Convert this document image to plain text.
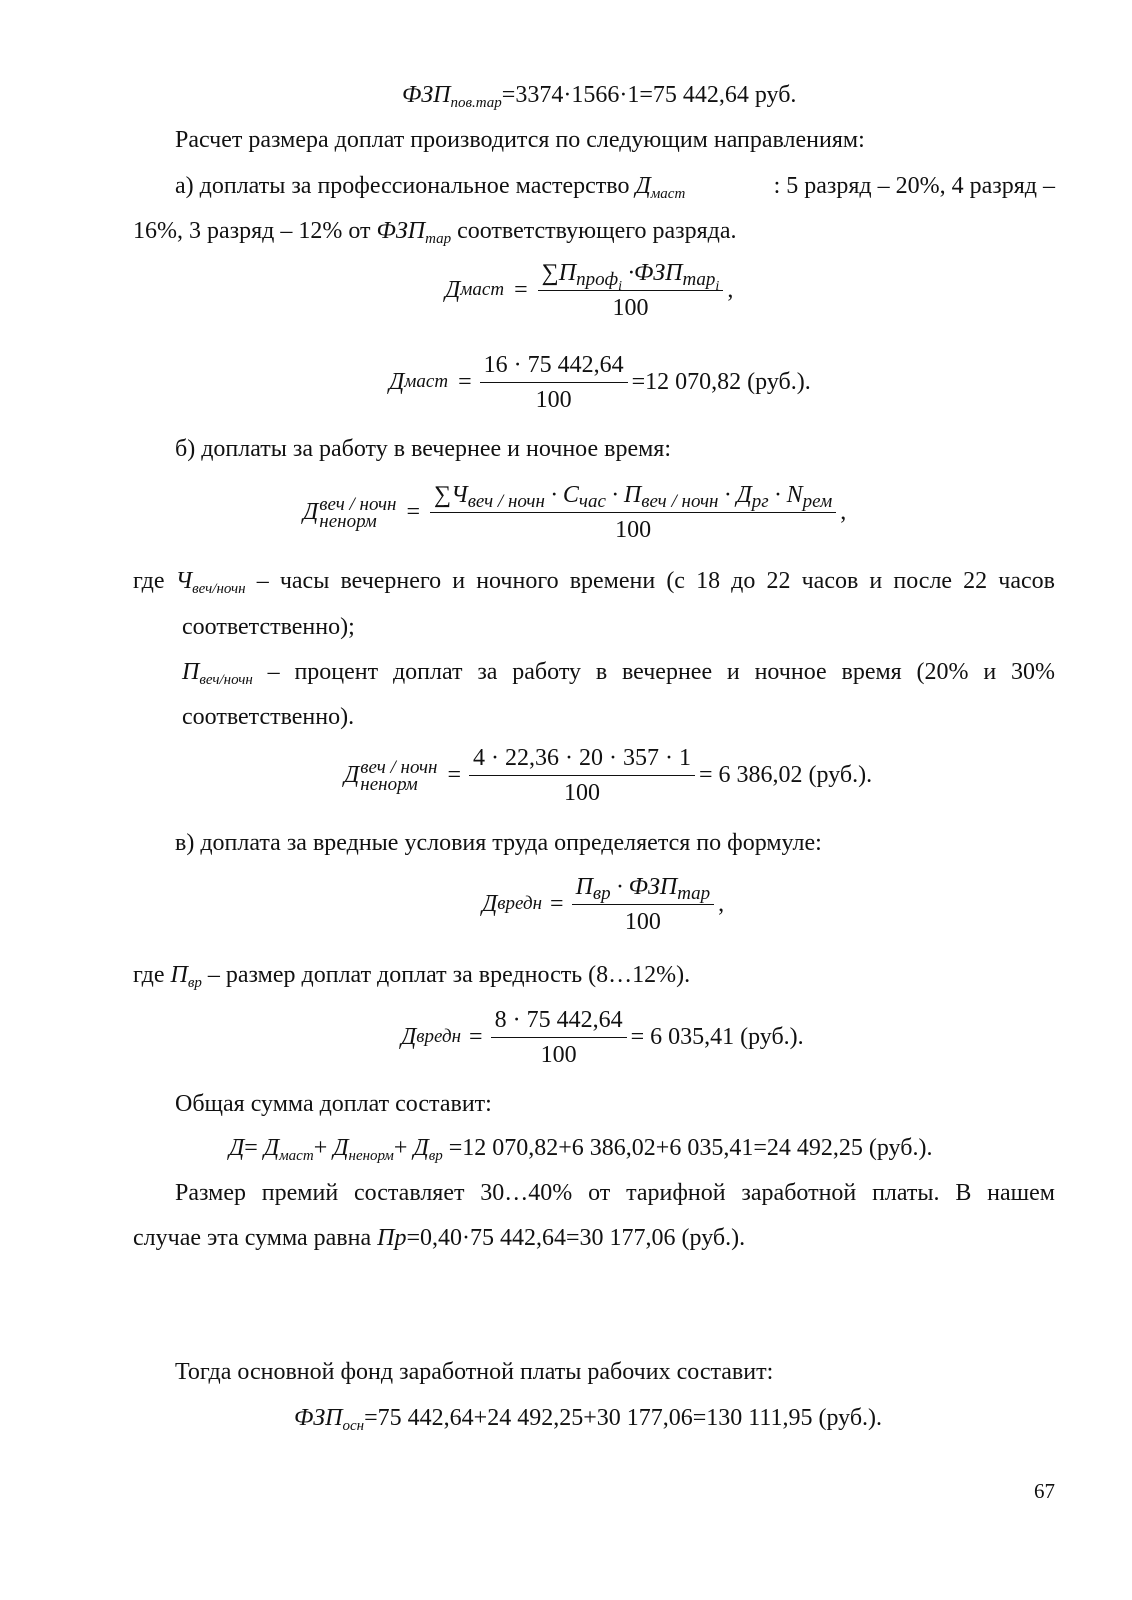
$ФЗП_{пов.тар}=3374\cdot 1566\cdot 1=75$ 442,64 руб.
Расчет размера доплат производится по следующим направлениям:
а) доплаты за профессиональное мастерство $Д_{маст}$	: 5 разряд – 20%, 4 разряд –
16%, 3 разряд – 12% от $ФЗП_{тар}$ соответствующего разряда.
Д маст = $\frac{\sum П_{проф_i} \cdot ФЗП_{тар_i}}{100}$ ,
Д маст = $\frac{16 \cdot 75 442,64}{100} =12$ 070,82 (руб.).
б) доплаты за работу в вечернее и ночное время:
Д веч / ночн
ненорм	= $\frac{\sum Ч_{веч / ночн} \cdot С_{час} \cdot П_{веч / ночн} \cdot Д_{рг} \cdot N_{рем}}{100}$ ,
где $Ч_{веч/ночн}$ – часы вечернего и ночного времени (с 18 до 22 часов и после 22 часов
соответственно);
$П_{веч/ночн}$ – процент доплат за работу в вечернее и ночное время (20% и 30%
соответственно).
Д веч / ночн
ненорм	= $\frac{4 \cdot 22,36 \cdot 20 \cdot 357 \cdot 1}{100} = 6$ 386,02 (руб.).
в) доплата за вредные условия труда определяется по формуле:
Д вредн = $\frac{П_{вр} \cdot ФЗП_{тар}}{100}$ ,
где $П_{вр}$ – размер доплат доплат за вредность (8…12%).
Д вредн = $\frac{8 \cdot 75 442,64}{100} = 6$ 035,41 (руб.).
Общая сумма доплат составит:
$Д= Д_{маст}+ Д_{ненорм}+ Д_{вр} =12$ 070,82+6 386,02+6 035,41=24 492,25 (руб.).
Размер премий составляет 30…40% от тарифной заработной платы. В нашем
случае эта сумма равна Пр=0,40·75 442,64=30 177,06 (руб.).
Тогда основной фонд заработной платы рабочих составит:
$ФЗП_{осн}=75$ 442,64+24 492,25+30 177,06=130 111,95 (руб.).
67
